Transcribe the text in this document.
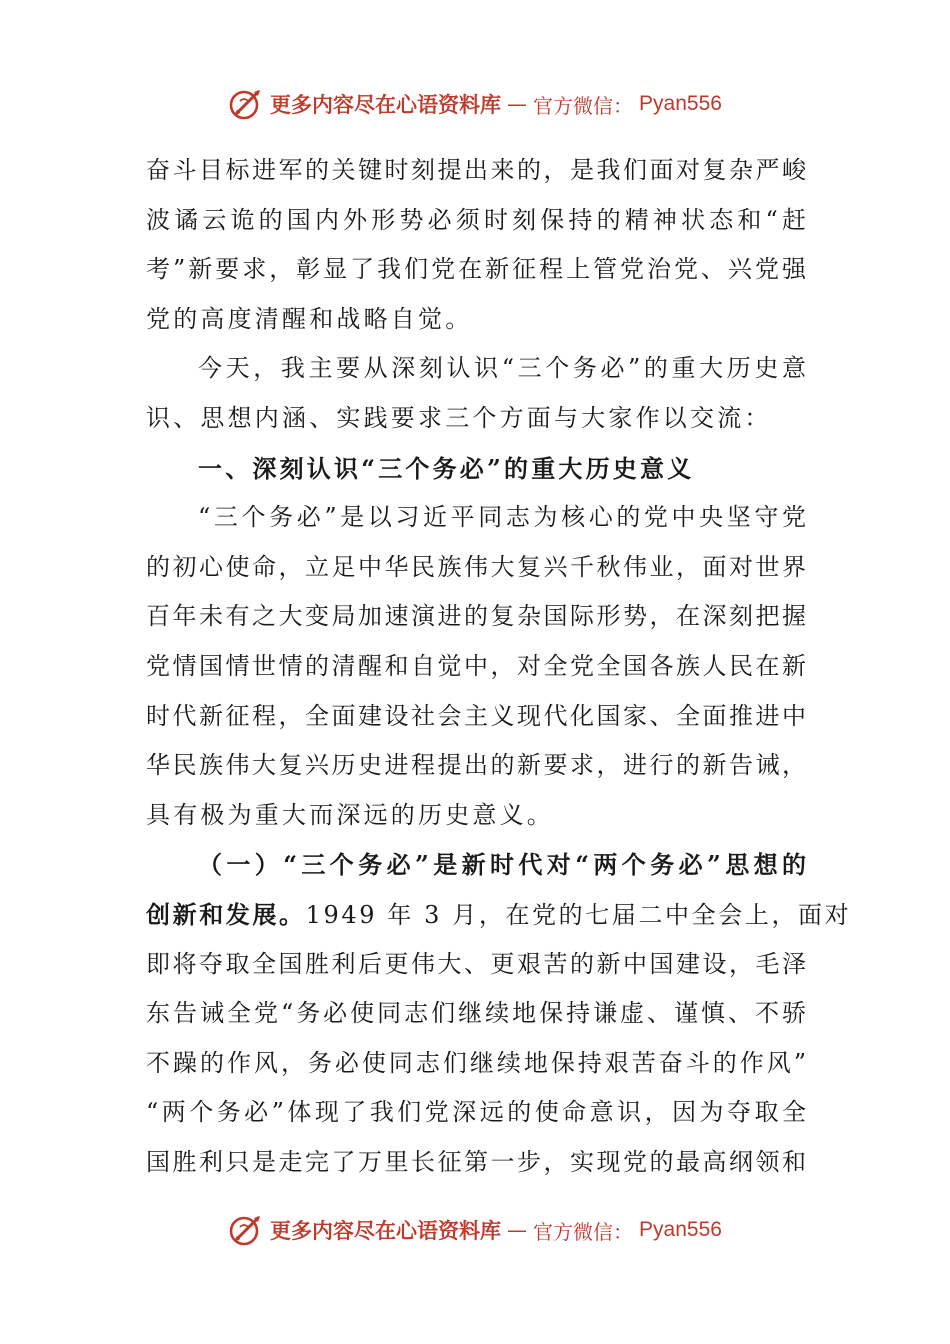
更多内容尽在心语资料库 — 官方微信： Pyan556
奋斗目标进军的关键时刻提出来的，是我们面对复杂严峻
波谲云诡的国内外形势必须时刻保持的精神状态和“赶
考”新要求，彰显了我们党在新征程上管党治党、兴党强
党的高度清醒和战略自觉。
今天，我主要从深刻认识“三个务必”的重大历史意
识、思想内涵、实践要求三个方面与大家作以交流：
一、深刻认识“三个务必”的重大历史意义
“三个务必”是以习近平同志为核心的党中央坚守党
的初心使命，立足中华民族伟大复兴千秋伟业，面对世界
百年未有之大变局加速演进的复杂国际形势，在深刻把握
党情国情世情的清醒和自觉中，对全党全国各族人民在新
时代新征程，全面建设社会主义现代化国家、全面推进中
华民族伟大复兴历史进程提出的新要求，进行的新告诫，
具有极为重大而深远的历史意义。
（一）“三个务必”是新时代对“两个务必”思想的
创新和发展。1949 年 3 月，在党的七届二中全会上，面对
即将夺取全国胜利后更伟大、更艰苦的新中国建设，毛泽
东告诫全党“务必使同志们继续地保持谦虚、谨慎、不骄
不躁的作风，务必使同志们继续地保持艰苦奋斗的作风”
“两个务必”体现了我们党深远的使命意识，因为夺取全
国胜利只是走完了万里长征第一步，实现党的最高纲领和
更多内容尽在心语资料库 — 官方微信： Pyan556
